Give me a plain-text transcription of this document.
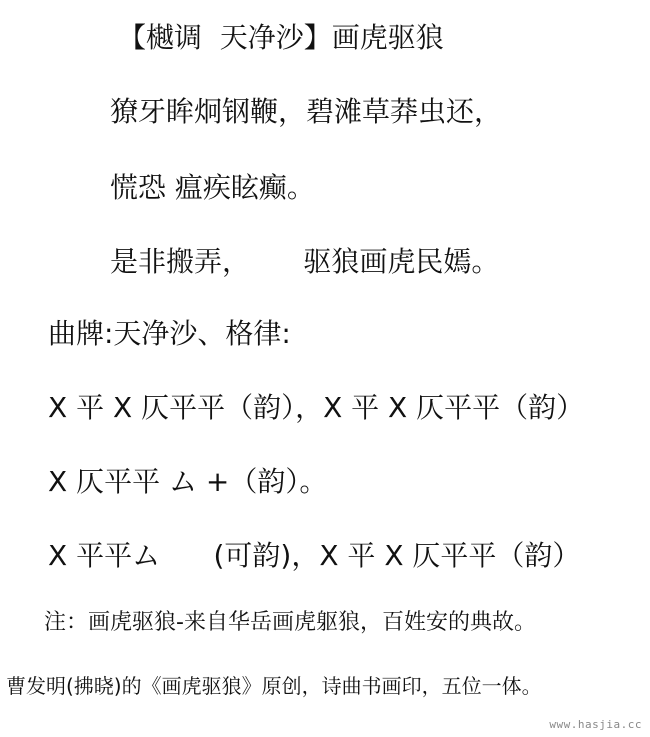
【樾调  天净沙】画虎驱狼
獠牙眸炯钢鞭，碧滩草莽虫还，
慌恐 瘟疾眩癫。
是非搬弄，      驱狼画虎民嫣。
曲牌:天净沙、格律:
X 平 X 仄平平（韵），X 平 X 仄平平（韵）
X 仄平平 ム +（韵）。
X 平平ム      (可韵)，X 平 X 仄平平（韵）
注：画虎驱狼-来自华岳画虎躯狼，百姓安的典故。
曹发明(拂晓)的《画虎驱狼》原创，诗曲书画印，五位一体。
www.hasjia.cc
